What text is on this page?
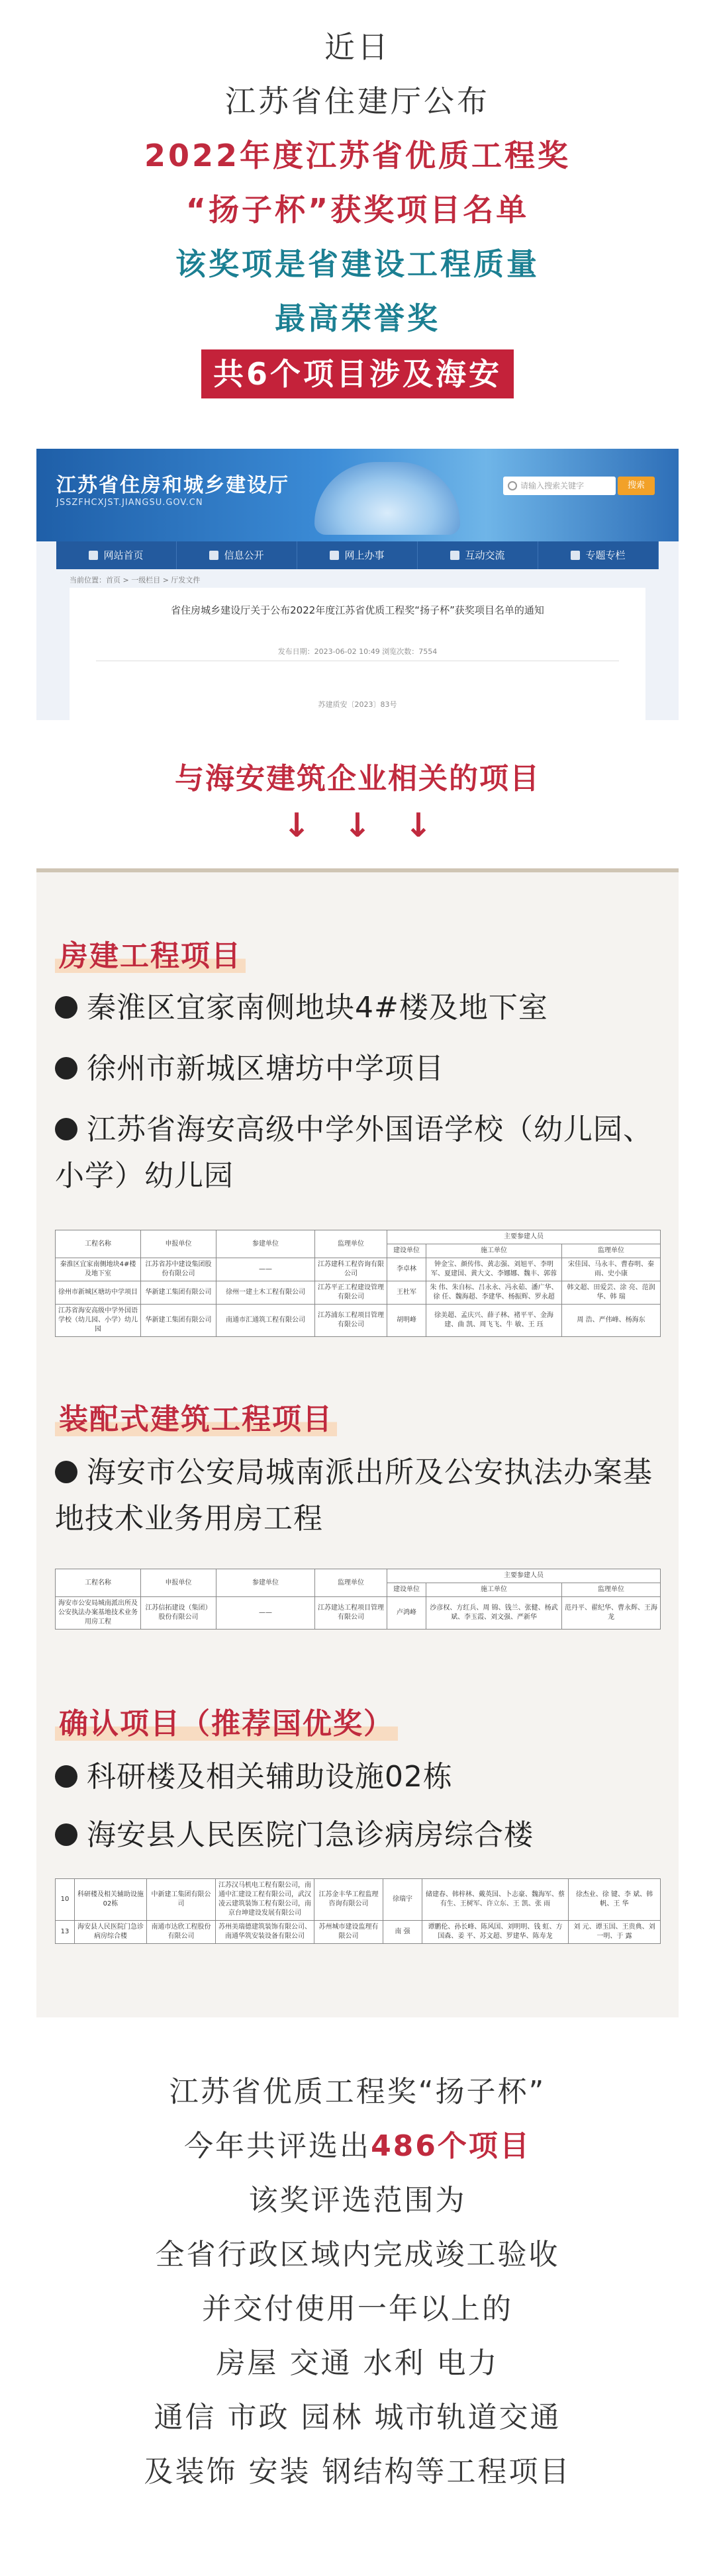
近日
江苏省住建厅公布
2022年度江苏省优质工程奖
“扬子杯”获奖项目名单
该奖项是省建设工程质量
最高荣誉奖
共6个项目涉及海安
江苏省住房和城乡建设厅
JSSZFHCXJST.JIANGSU.GOV.CN
请输入搜索关键字	搜索
网站首页	信息公开	网上办事	互动交流	专题专栏
当前位置：首页 > 一级栏目 > 厅发文件
省住房城乡建设厅关于公布2022年度江苏省优质工程奖“扬子杯”获奖项目名单的通知
发布日期：2023-06-02 10:49 浏览次数：7554
苏建质安〔2023〕83号
与海安建筑企业相关的项目
↓↓↓
房建工程项目
秦淮区宜家南侧地块4#楼及地下室
徐州市新城区塘坊中学项目
江苏省海安高级中学外国语学校（幼儿园、小学）幼儿园
工程名称	申报单位	参建单位	监理单位	主要参建人员		
				建设单位	施工单位	监理单位
秦淮区宜家南侧地块4#楼及地下室	江苏省苏中建设集团股份有限公司	——	江苏建科工程咨询有限公司	李卓林	钟金宝、颜传伟、黄志强、刘旭平、李明军、夏建国、黄大文、李娜娜、魏丰、郭蓉	宋佳国、马永丰、曹春明、秦 雨、史小康
徐州市新城区塘坊中学项目	华新建工集团有限公司	徐州一建土木工程有限公司	江苏平正工程建设管理有限公司	王杜军	朱 伟、朱自标、吕永永、冯永茹、潘广华、徐 任、魏海超、李建华、杨振辉、罗永超	韩文超、田爱芸、涂 亮、范润华、韩 瑞
江苏省海安高级中学外国语学校（幼儿园、小学）幼儿园	华新建工集团有限公司	南通市汇通筑工程有限公司	江苏浦东工程项目管理有限公司	胡明峰	徐美超、孟庆兴、薛子林、褚平平、金海建、曲 凯、周飞飞、牛 敏、王 珏	周 浩、严伟峰、杨海东
装配式建筑工程项目
海安市公安局城南派出所及公安执法办案基地技术业务用房工程
工程名称	申报单位	参建单位	监理单位	主要参建人员		
				建设单位	施工单位	监理单位
海安市公安局城南派出所及公安执法办案基地技术业务用房工程	江苏信拓建设（集团）股份有限公司	——	江苏建达工程项目管理有限公司	卢鸿峰	沙彦权、方红兵、周 锦、钱兰、张健、杨武斌、李玉霞、刘文强、严新华	范丹平、翟纪华、曹永辉、王海龙
确认项目（推荐国优奖）
科研楼及相关辅助设施02栋
海安县人民医院门急诊病房综合楼
10	科研楼及相关辅助设施02栋	中新建工集团有限公司	江苏汉马机电工程有限公司，南通中汇建设工程有限公司，武汉凌云建筑装饰工程有限公司，南京台坤建设发展有限公司	江苏金丰华工程监理咨询有限公司	徐瑞宇	储建春、韩梓林、戴英国、卜志豪、魏海军、蔡有生、王树军、许立东、王 凯、张 雨	徐杰业、徐 键、李 斌、韩 帆、王 华
13	海安县人民医院门急诊病房综合楼	南通市达欣工程股份有限公司	苏州美瑞德建筑装饰有限公司、南通华筑安装设备有限公司	苏州城市建设监理有限公司	南 强	谭鹏伦、孙长峰、陈风国、刘明明、钱 虹、方国森、姜 平、苏文超、罗建华、陈寿龙	刘 元、谭玉国、王贵典、刘一明、于 露
江苏省优质工程奖“扬子杯”
今年共评选出486个项目
该奖评选范围为
全省行政区域内完成竣工验收
并交付使用一年以上的
房屋 交通 水利 电力
通信 市政 园林 城市轨道交通
及装饰 安装 钢结构等工程项目
